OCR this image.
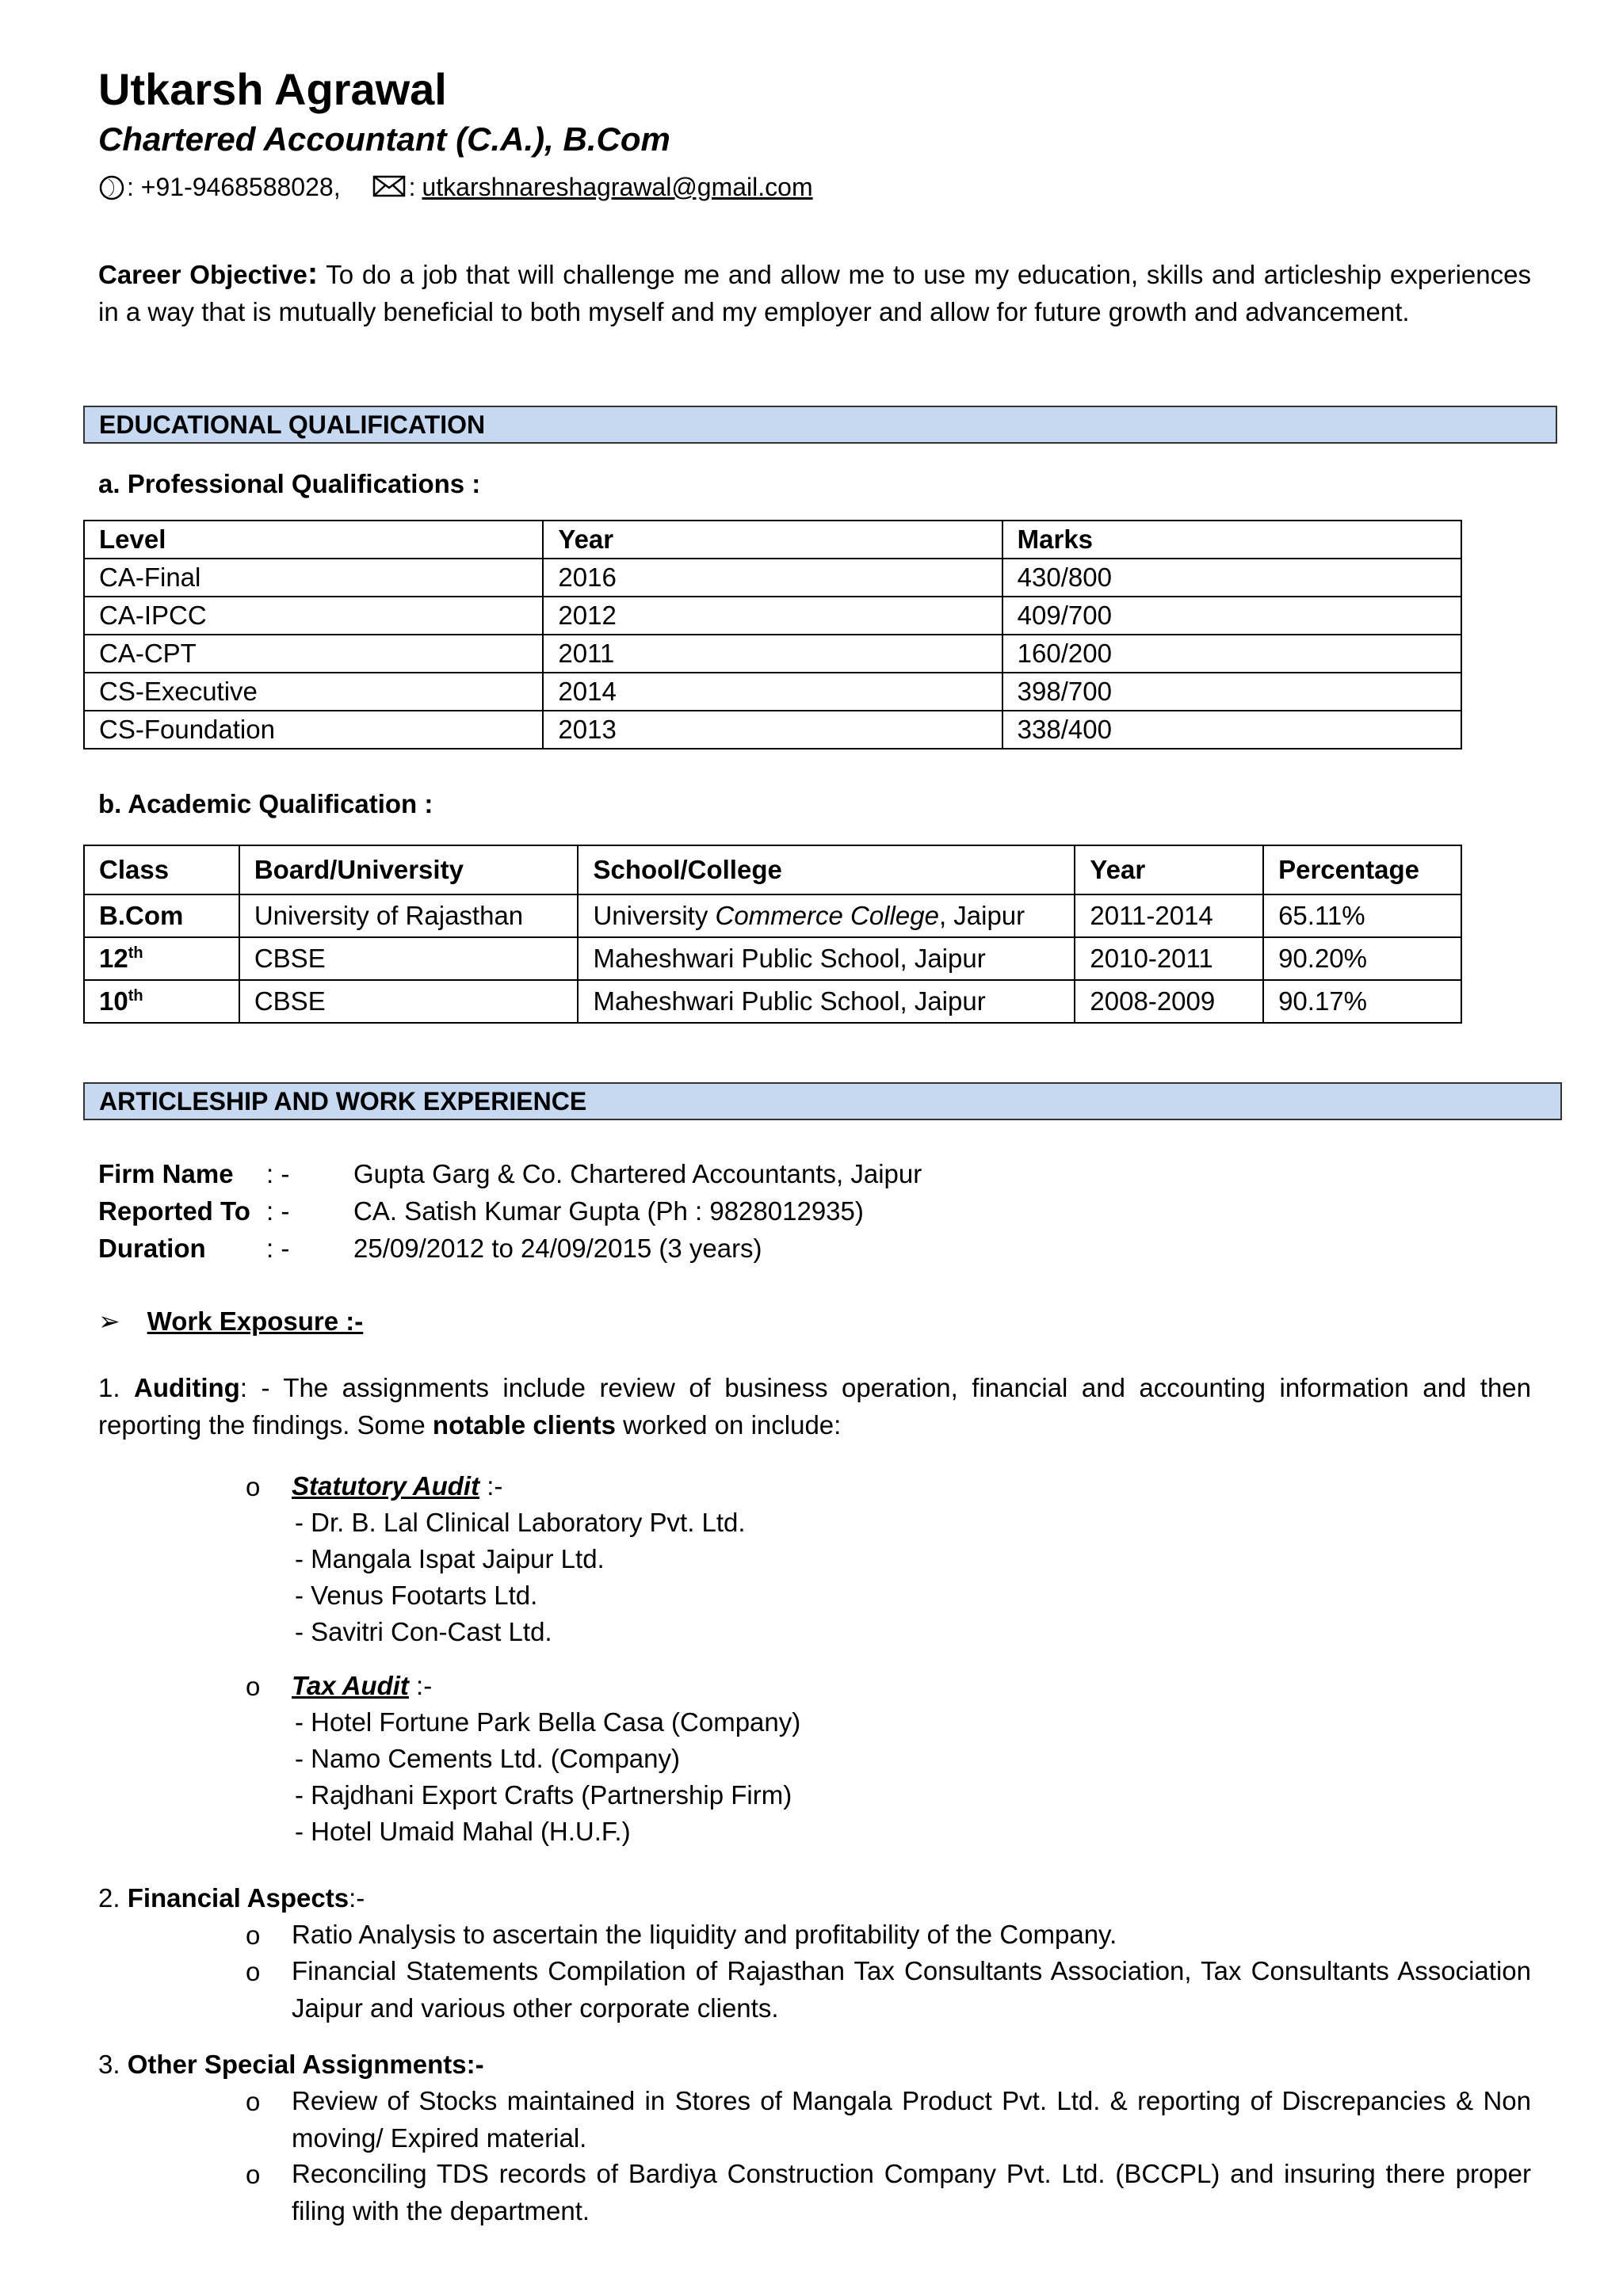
Utkarsh Agrawal
Chartered Accountant (C.A.), B.Com
: +91-9468588028,	: utkarshnareshagrawal@gmail.com
Career Objective: To do a job that will challenge me and allow me to use my education, skills and articleship experiences in a way that is mutually beneficial to both myself and my employer and allow for future growth and advancement.
EDUCATIONAL QUALIFICATION
a. Professional Qualifications :
Level	Year	Marks
CA-Final	2016	430/800
CA-IPCC	2012	409/700
CA-CPT	2011	160/200
CS-Executive	2014	398/700
CS-Foundation	2013	338/400
b. Academic Qualification :
Class	Board/University	School/College	Year	Percentage
B.Com	University of Rajasthan	University Commerce College, Jaipur	2011-2014	65.11%
12th	CBSE	Maheshwari Public School, Jaipur	2010-2011	90.20%
10th	CBSE	Maheshwari Public School, Jaipur	2008-2009	90.17%
ARTICLESHIP AND WORK EXPERIENCE
Firm Name : - Gupta Garg & Co. Chartered Accountants, Jaipur
Reported To : - CA. Satish Kumar Gupta (Ph : 9828012935)
Duration : - 25/09/2012 to 24/09/2015 (3 years)
➢ Work Exposure :-
1. Auditing: - The assignments include review of business operation, financial and accounting information and then reporting the findings. Some notable clients worked on include:
o Statutory Audit :-
- Dr. B. Lal Clinical Laboratory Pvt. Ltd.
- Mangala Ispat Jaipur Ltd.
- Venus Footarts Ltd.
- Savitri Con-Cast Ltd.
o Tax Audit :-
- Hotel Fortune Park Bella Casa (Company)
- Namo Cements Ltd. (Company)
- Rajdhani Export Crafts (Partnership Firm)
- Hotel Umaid Mahal (H.U.F.)
2. Financial Aspects:-
o Ratio Analysis to ascertain the liquidity and profitability of the Company.
o Financial Statements Compilation of Rajasthan Tax Consultants Association, Tax Consultants Association Jaipur and various other corporate clients.
3. Other Special Assignments:-
o Review of Stocks maintained in Stores of Mangala Product Pvt. Ltd. & reporting of Discrepancies & Non moving/ Expired material.
o Reconciling TDS records of Bardiya Construction Company Pvt. Ltd. (BCCPL) and insuring there proper filing with the department.
